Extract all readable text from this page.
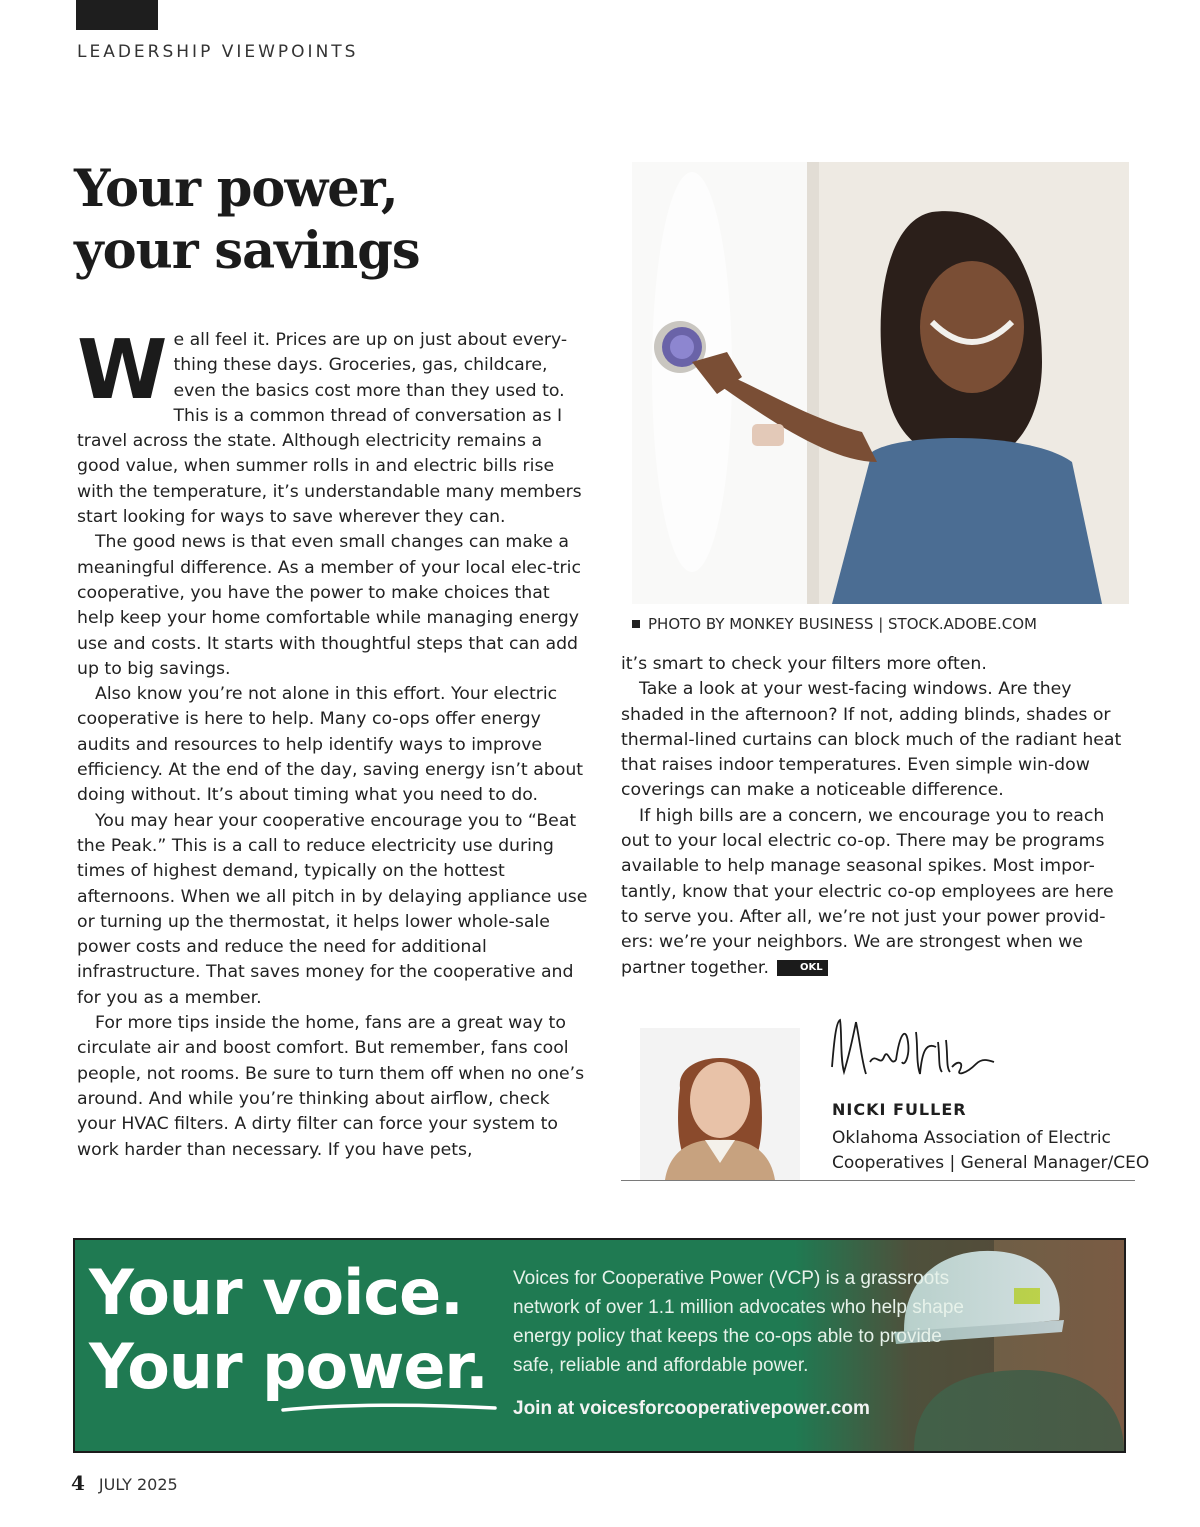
LEADERSHIP VIEWPOINTS
Your power,
your savings

We all feel it. Prices are up on just about every-thing these days. Groceries, gas, childcare, even the basics cost more than they used to. This is a common thread of conversation as I travel across the state. Although electricity remains a good value, when summer rolls in and electric bills rise with the temperature, it’s understandable many members start looking for ways to save wherever they can.

The good news is that even small changes can make a meaningful difference. As a member of your local elec-tric cooperative, you have the power to make choices that help keep your home comfortable while managing energy use and costs. It starts with thoughtful steps that can add up to big savings.

Also know you’re not alone in this effort. Your electric cooperative is here to help. Many co-ops offer energy audits and resources to help identify ways to improve efficiency. At the end of the day, saving energy isn’t about doing without. It’s about timing what you need to do.

You may hear your cooperative encourage you to “Beat the Peak.” This is a call to reduce electricity use during times of highest demand, typically on the hottest afternoons. When we all pitch in by delaying appliance use or turning up the thermostat, it helps lower whole-sale power costs and reduce the need for additional infrastructure. That saves money for the cooperative and for you as a member.

For more tips inside the home, fans are a great way to circulate air and boost comfort. But remember, fans cool people, not rooms. Be sure to turn them off when no one’s around. And while you’re thinking about airflow, check your HVAC filters. A dirty filter can force your system to work harder than necessary. If you have pets,

PHOTO BY MONKEY BUSINESS | STOCK.ADOBE.COM

it’s smart to check your filters more often.

Take a look at your west-facing windows. Are they shaded in the afternoon? If not, adding blinds, shades or thermal-lined curtains can block much of the radiant heat that raises indoor temperatures. Even simple win-dow coverings can make a noticeable difference.

If high bills are a concern, we encourage you to reach out to your local electric co-op. There may be programs available to help manage seasonal spikes. Most impor-tantly, know that your electric co-op employees are here to serve you. After all, we’re not just your power provid-ers: we’re your neighbors. We are strongest when we partner together.	OKL

NICKI FULLER
Oklahoma Association of Electric
Cooperatives | General Manager/CEO
Your voice.
Your power.
Voices for Cooperative Power (VCP) is a grassroots network of over 1.1 million advocates who help shape energy policy that keeps the co-ops able to provide safe, reliable and affordable power.
Join at voicesforcooperativepower.com
4 JULY 2025
